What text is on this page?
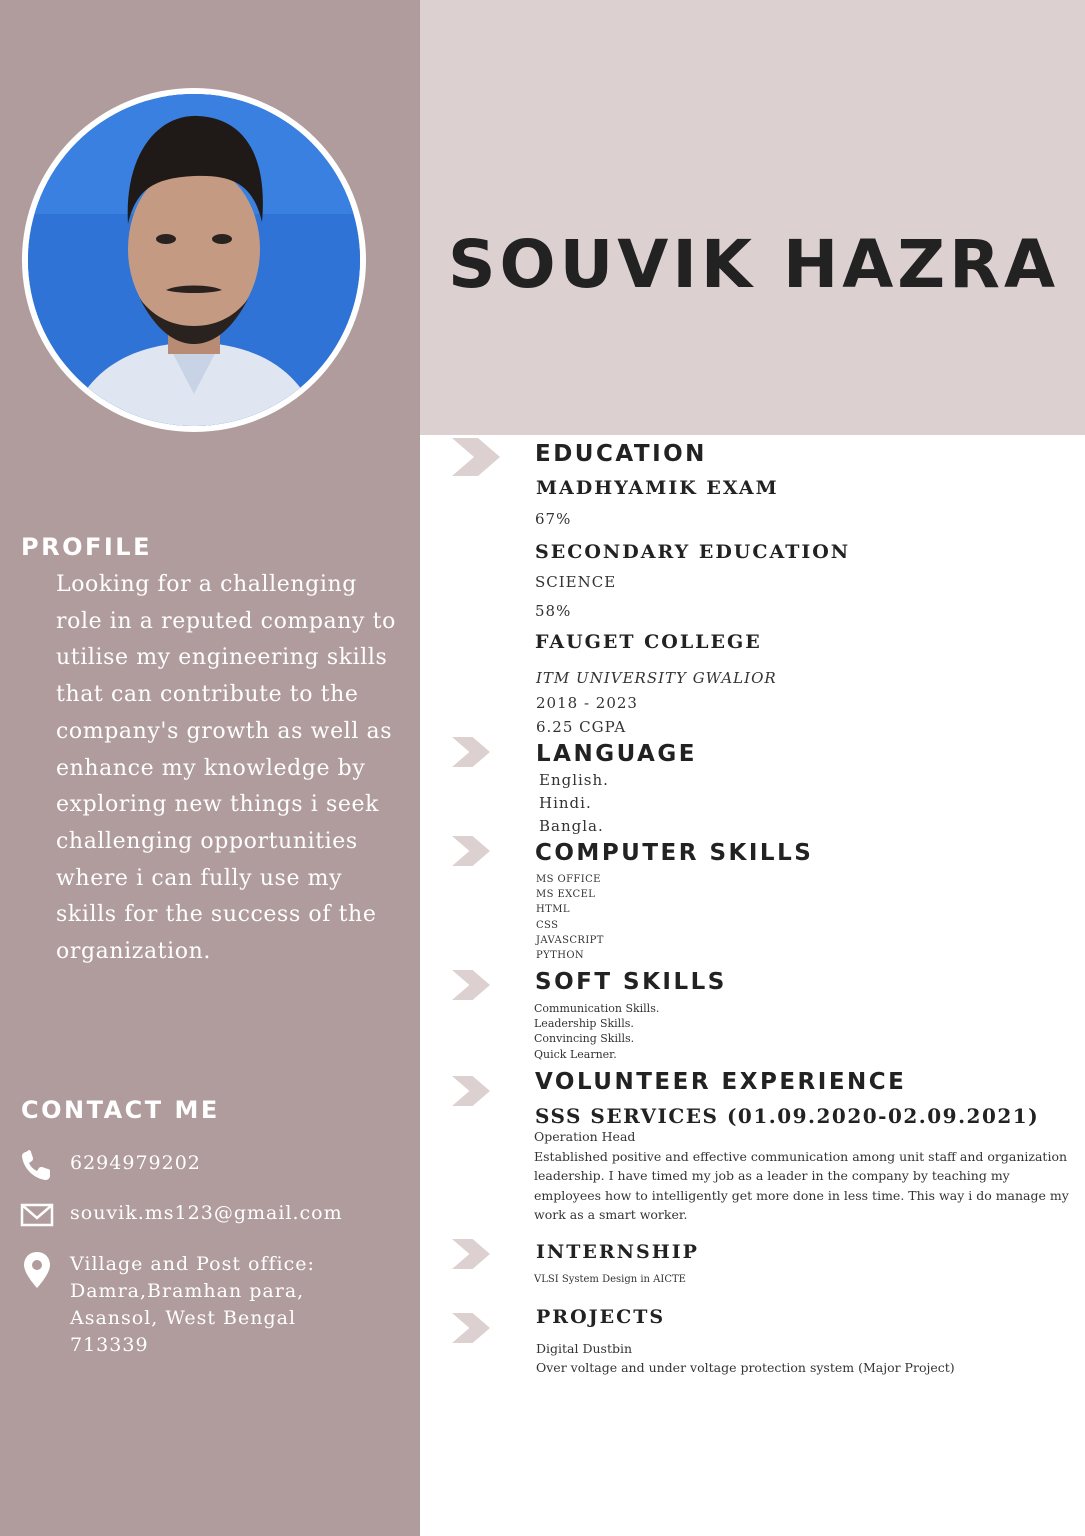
SOUVIK HAZRA
PROFILE
Looking for a challenging role in a reputed company to utilise my engineering skills that can contribute to the company's growth as well as enhance my knowledge by exploring new things i seek challenging opportunities where i can fully use my skills for the success of the organization.
CONTACT ME
6294979202
souvik.ms123@gmail.com
Village and Post office: Damra,Bramhan para, Asansol, West Bengal 713339
EDUCATION
MADHYAMIK EXAM
67%
SECONDARY EDUCATION
SCIENCE
58%
FAUGET COLLEGE
ITM UNIVERSITY GWALIOR
2018 - 2023
6.25 CGPA
LANGUAGE
English.
Hindi.
Bangla.
COMPUTER SKILLS
MS OFFICE
MS EXCEL
HTML
CSS
JAVASCRIPT
PYTHON
SOFT SKILLS
Communication Skills.
Leadership Skills.
Convincing Skills.
Quick Learner.
VOLUNTEER EXPERIENCE
SSS SERVICES (01.09.2020-02.09.2021)
Operation Head
Established positive and effective communication among unit staff and organization leadership. I have timed my job as a leader in the company by teaching my employees how to intelligently get more done in less time. This way i do manage my work as a smart worker.
INTERNSHIP
VLSI System Design in AICTE
PROJECTS
Digital Dustbin
Over voltage and under voltage protection system (Major Project)
